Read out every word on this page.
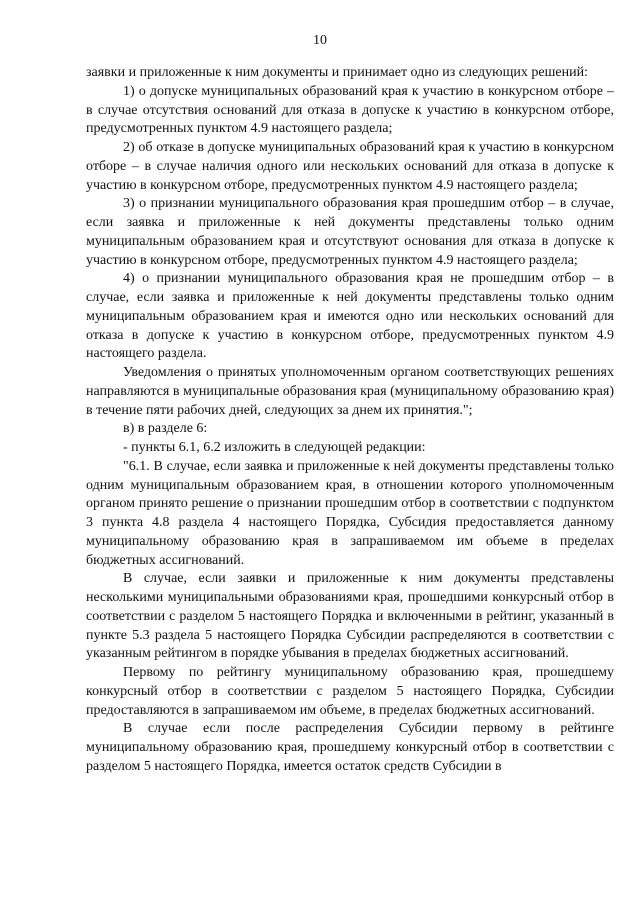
10

заявки и приложенные к ним документы и принимает одно из следующих решений:

1) о допуске муниципальных образований края к участию в конкурсном отборе – в случае отсутствия оснований для отказа в допуске к участию в конкурсном отборе, предусмотренных пунктом 4.9 настоящего раздела;

2) об отказе в допуске муниципальных образований края к участию в конкурсном отборе – в случае наличия одного или нескольких оснований для отказа в допуске к участию в конкурсном отборе, предусмотренных пунктом 4.9 настоящего раздела;

3) о признании муниципального образования края прошедшим отбор – в случае, если заявка и приложенные к ней документы представлены только одним муниципальным образованием края и отсутствуют основания для отказа в допуске к участию в конкурсном отборе, предусмотренных пунктом 4.9 настоящего раздела;

4) о признании муниципального образования края не прошедшим отбор – в случае, если заявка и приложенные к ней документы представлены только одним муниципальным образованием края и имеются одно или нескольких оснований для отказа в допуске к участию в конкурсном отборе, предусмотренных пунктом 4.9 настоящего раздела.

Уведомления о принятых уполномоченным органом соответствующих решениях направляются в муниципальные образования края (муниципальному образованию края) в течение пяти рабочих дней, следующих за днем их принятия.";

в) в разделе 6:

- пункты 6.1, 6.2 изложить в следующей редакции:

"6.1. В случае, если заявка и приложенные к ней документы представлены только одним муниципальным образованием края, в отношении которого уполномоченным органом принято решение о признании прошедшим отбор в соответствии с подпунктом 3 пункта 4.8 раздела 4 настоящего Порядка, Субсидия предоставляется данному муниципальному образованию края в запрашиваемом им объеме в пределах бюджетных ассигнований.

В случае, если заявки и приложенные к ним документы представлены несколькими муниципальными образованиями края, прошедшими конкурсный отбор в соответствии с разделом 5 настоящего Порядка и включенными в рейтинг, указанный в пункте 5.3 раздела 5 настоящего Порядка Субсидии распределяются в соответствии с указанным рейтингом в порядке убывания в пределах бюджетных ассигнований.

Первому по рейтингу муниципальному образованию края, прошедшему конкурсный отбор в соответствии с разделом 5 настоящего Порядка, Субсидии предоставляются в запрашиваемом им объеме, в пределах бюджетных ассигнований.

В случае если после распределения Субсидии первому в рейтинге муниципальному образованию края, прошедшему конкурсный отбор в соответствии с разделом 5 настоящего Порядка, имеется остаток средств Субсидии в
